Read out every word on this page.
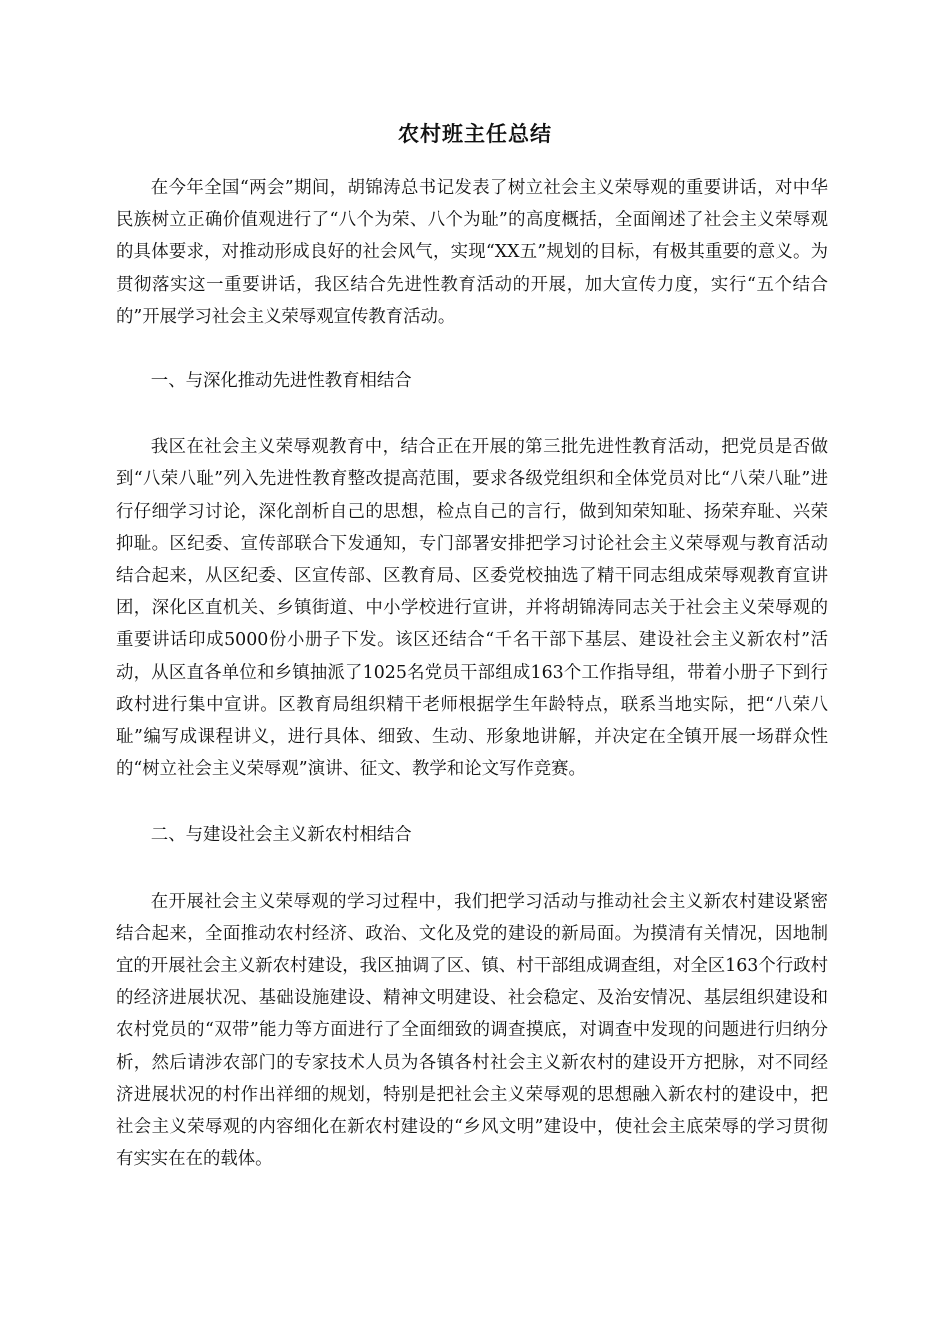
农村班主任总结

在今年全国“两会”期间，胡锦涛总书记发表了树立社会主义荣辱观的重要讲话，对中华民族树立正确价值观进行了“八个为荣、八个为耻”的高度概括，全面阐述了社会主义荣辱观的具体要求，对推动形成良好的社会风气，实现“XX五”规划的目标，有极其重要的意义。为贯彻落实这一重要讲话，我区结合先进性教育活动的开展，加大宣传力度，实行“五个结合的”开展学习社会主义荣辱观宣传教育活动。

一、与深化推动先进性教育相结合

我区在社会主义荣辱观教育中，结合正在开展的第三批先进性教育活动，把党员是否做到“八荣八耻”列入先进性教育整改提高范围，要求各级党组织和全体党员对比“八荣八耻”进行仔细学习讨论，深化剖析自己的思想，检点自己的言行，做到知荣知耻、扬荣弃耻、兴荣抑耻。区纪委、宣传部联合下发通知，专门部署安排把学习讨论社会主义荣辱观与教育活动结合起来，从区纪委、区宣传部、区教育局、区委党校抽选了精干同志组成荣辱观教育宣讲团，深化区直机关、乡镇街道、中小学校进行宣讲，并将胡锦涛同志关于社会主义荣辱观的重要讲话印成5000份小册子下发。该区还结合“千名干部下基层、建设社会主义新农村”活动，从区直各单位和乡镇抽派了1025名党员干部组成163个工作指导组，带着小册子下到行政村进行集中宣讲。区教育局组织精干老师根据学生年龄特点，联系当地实际，把“八荣八耻”编写成课程讲义，进行具体、细致、生动、形象地讲解，并决定在全镇开展一场群众性的“树立社会主义荣辱观”演讲、征文、教学和论文写作竞赛。

二、与建设社会主义新农村相结合

在开展社会主义荣辱观的学习过程中，我们把学习活动与推动社会主义新农村建设紧密结合起来，全面推动农村经济、政治、文化及党的建设的新局面。为摸清有关情况，因地制宜的开展社会主义新农村建设，我区抽调了区、镇、村干部组成调查组，对全区163个行政村的经济进展状况、基础设施建设、精神文明建设、社会稳定、及治安情况、基层组织建设和农村党员的“双带”能力等方面进行了全面细致的调查摸底，对调查中发现的问题进行归纳分析，然后请涉农部门的专家技术人员为各镇各村社会主义新农村的建设开方把脉，对不同经济进展状况的村作出祥细的规划，特别是把社会主义荣辱观的思想融入新农村的建设中，把社会主义荣辱观的内容细化在新农村建设的“乡风文明”建设中，使社会主底荣辱的学习贯彻有实实在在的载体。
